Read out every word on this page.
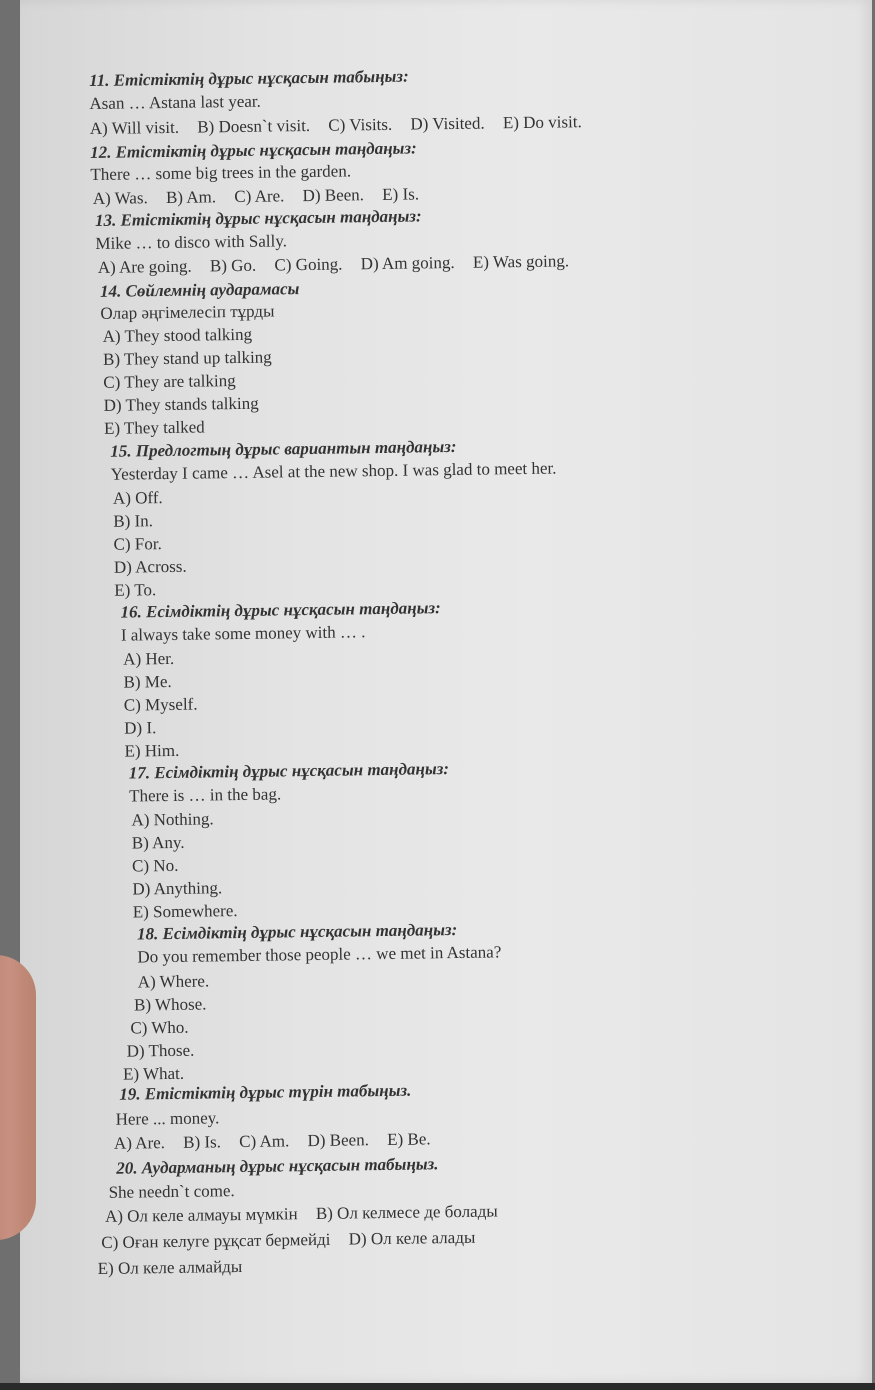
11. Етістіктің дұрыс нұсқасын табыңыз:
Asan … Astana last year.
A) Will visit. B) Doesn`t visit. C) Visits. D) Visited. E) Do visit.
12. Етістіктің дұрыс нұсқасын таңдаңыз:
There … some big trees in the garden.
A) Was. B) Am. C) Are. D) Been. E) Is.
13. Етістіктің дұрыс нұсқасын таңдаңыз:
Mike … to disco with Sally.
A) Are going. B) Go. C) Going. D) Am going. E) Was going.
14. Сөйлемнің аударамасы
Олар әңгімелесіп тұрды
A) They stood talking
B) They stand up talking
C) They are talking
D) They stands talking
E) They talked
15. Предлогтың дұрыс вариантын таңдаңыз:
Yesterday I came … Asel at the new shop. I was glad to meet her.
A) Off.
B) In.
C) For.
D) Across.
E) To.
16. Есімдіктің дұрыс нұсқасын таңдаңыз:
I always take some money with … .
A) Her.
B) Me.
C) Myself.
D) I.
E) Him.
17. Есімдіктің дұрыс нұсқасын таңдаңыз:
There is … in the bag.
A) Nothing.
B) Any.
C) No.
D) Anything.
E) Somewhere.
18. Есімдіктің дұрыс нұсқасын таңдаңыз:
Do you remember those people … we met in Astana?
A) Where.
B) Whose.
C) Who.
D) Those.
E) What.
19. Етістіктің дұрыс түрін табыңыз.
Here ... money.
A) Are. B) Is. C) Am. D) Been. E) Be.
20. Аударманың дұрыс нұсқасын табыңыз.
She needn`t come.
A) Ол келе алмауы мүмкін B) Ол келмесе де болады
C) Оған келуге рұқсат бермейді D) Ол келе алады
E) Ол келе алмайды
